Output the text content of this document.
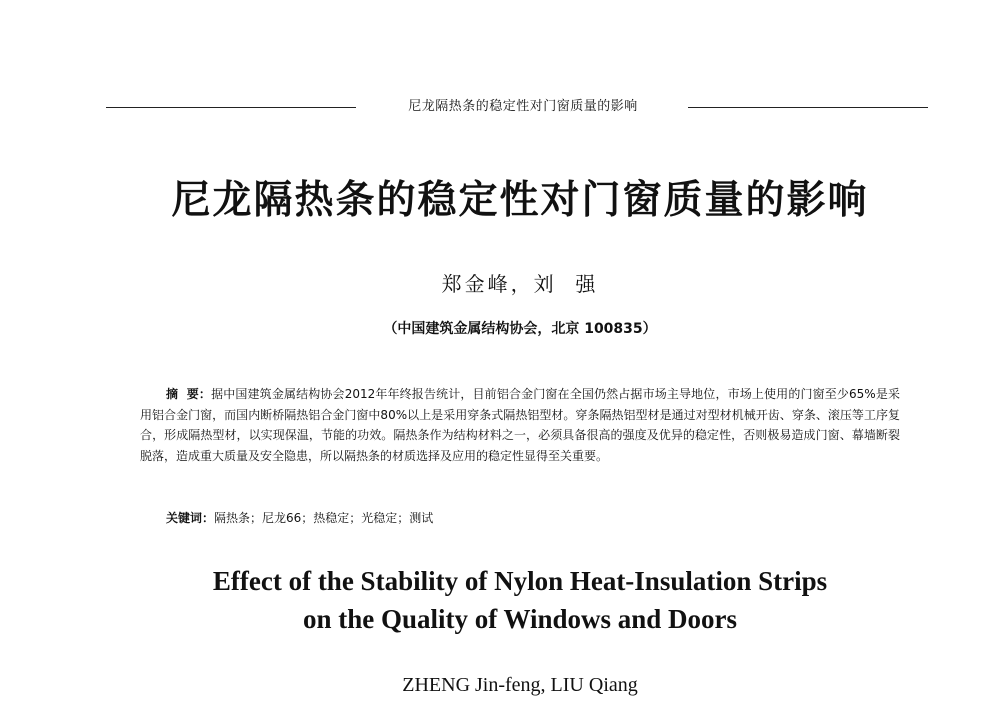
尼龙隔热条的稳定性对门窗质量的影响
尼龙隔热条的稳定性对门窗质量的影响
郑金峰，刘  强
（中国建筑金属结构协会，北京 100835）

摘  要：据中国建筑金属结构协会2012年年终报告统计，目前铝合金门窗在全国仍然占据市场主导地位，市场上使用的门窗至少65%是采用铝合金门窗，而国内断桥隔热铝合金门窗中80%以上是采用穿条式隔热铝型材。穿条隔热铝型材是通过对型材机械开齿、穿条、滚压等工序复合，形成隔热型材，以实现保温，节能的功效。隔热条作为结构材料之一，必须具备很高的强度及优异的稳定性，否则极易造成门窗、幕墙断裂脱落，造成重大质量及安全隐患，所以隔热条的材质选择及应用的稳定性显得至关重要。

关键词：隔热条；尼龙66；热稳定；光稳定；测试
Effect of the Stability of Nylon Heat-Insulation Strips
on the Quality of Windows and Doors
ZHENG Jin-feng, LIU Qiang
